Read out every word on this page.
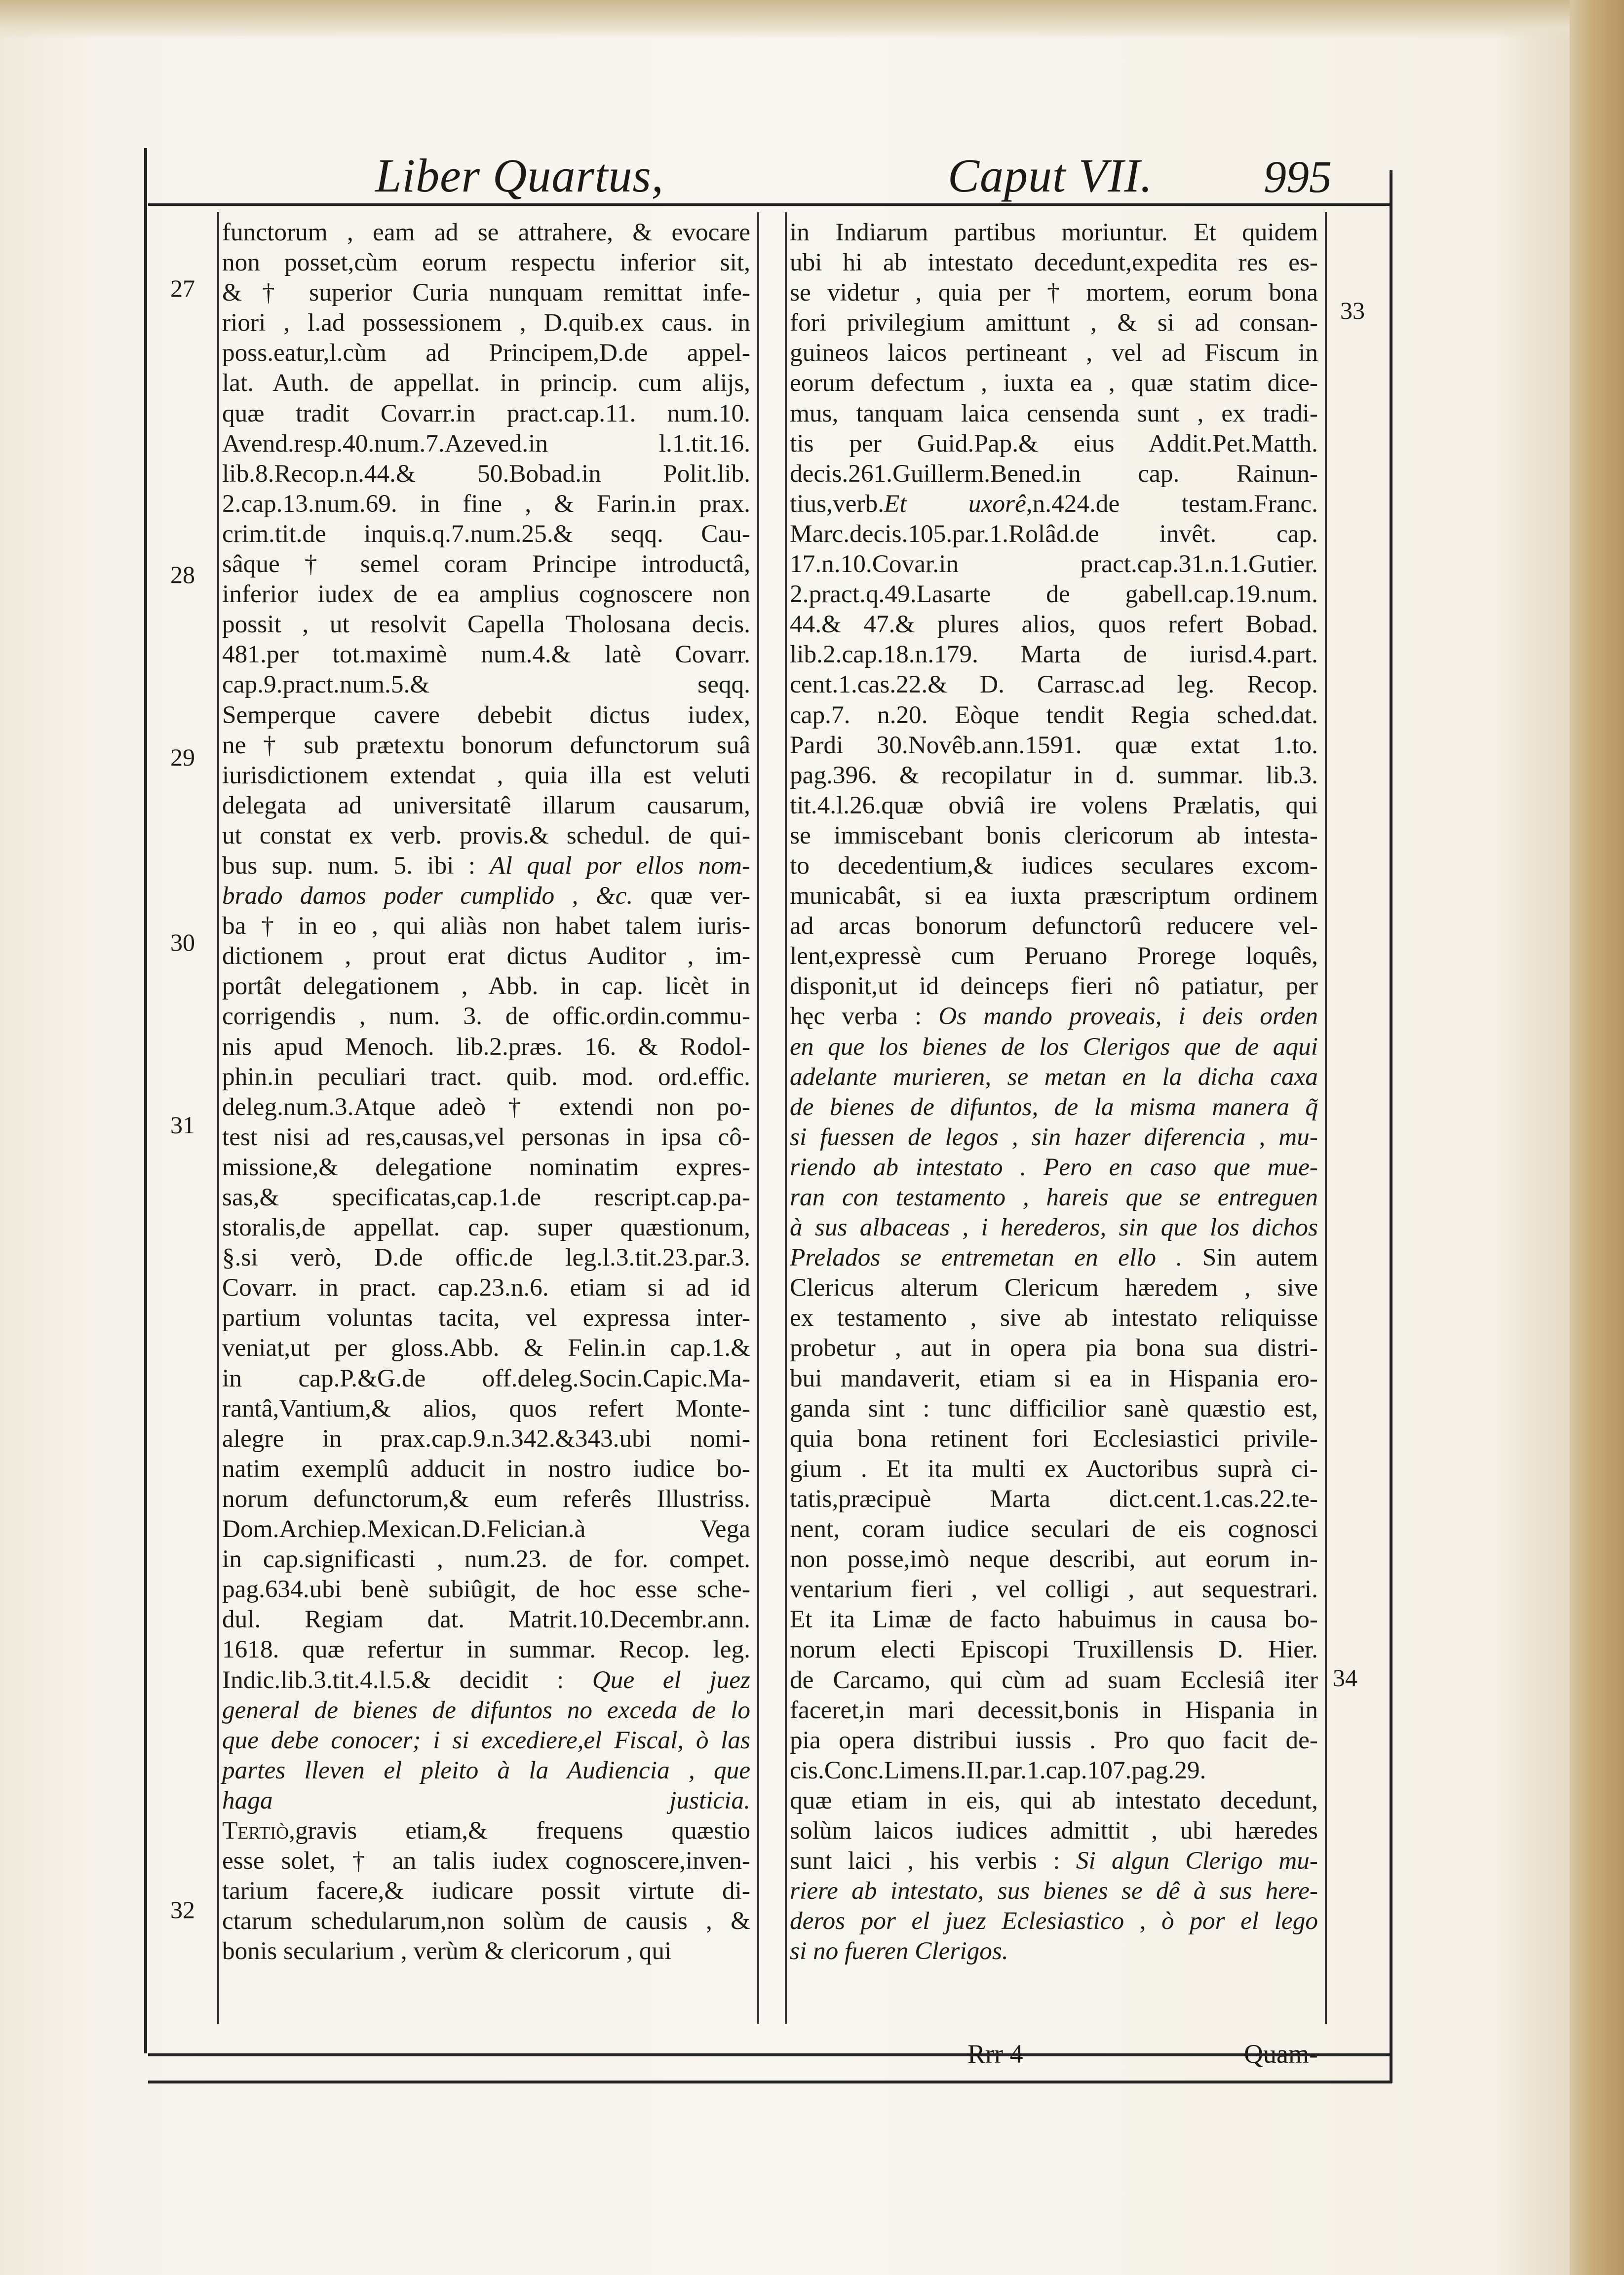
Liber Quartus,	Caput VII. 995
functorum , eam ad se attrahere, & evocare
non posset,cùm eorum respectu inferior sit,
& † superior Curia nunquam remittat infe-
riori , l.ad possessionem , D.quib.ex caus. in
poss.eatur,l.cùm ad Principem,D.de appel-
lat. Auth. de appellat. in princip. cum alijs,
quæ tradit Covarr.in pract.cap.11. num.10.
Avend.resp.40.num.7.Azeved.in l.1.tit.16.
lib.8.Recop.n.44.& 50.Bobad.in Polit.lib.
2.cap.13.num.69. in fine , & Farin.in prax.
crim.tit.de inquis.q.7.num.25.& seqq. Cau-
sâque † semel coram Principe introductâ,
inferior iudex de ea amplius cognoscere non
possit , ut resolvit Capella Tholosana decis.
481.per tot.maximè num.4.& latè Covarr.
cap.9.pract.num.5.& seqq.
Semperque cavere debebit dictus iudex,
ne † sub prætextu bonorum defunctorum suâ
iurisdictionem extendat , quia illa est veluti
delegata ad universitatê illarum causarum,
ut constat ex verb. provis.& schedul. de qui-
bus sup. num. 5. ibi : Al qual por ellos nom-
brado damos poder cumplido , &c. quæ ver-
ba † in eo , qui aliàs non habet talem iuris-
dictionem , prout erat dictus Auditor , im-
portât delegationem , Abb. in cap. licèt in
corrigendis , num. 3. de offic.ordin.commu-
nis apud Menoch. lib.2.præs. 16. & Rodol-
phin.in peculiari tract. quib. mod. ord.effic.
deleg.num.3.Atque adeò † extendi non po-
test nisi ad res,causas,vel personas in ipsa cô-
missione,& delegatione nominatim expres-
sas,& specificatas,cap.1.de rescript.cap.pa-
storalis,de appellat. cap. super quæstionum,
§.si verò, D.de offic.de leg.l.3.tit.23.par.3.
Covarr. in pract. cap.23.n.6. etiam si ad id
partium voluntas tacita, vel expressa inter-
veniat,ut per gloss.Abb. & Felin.in cap.1.&
in cap.P.&G.de off.deleg.Socin.Capic.Ma-
rantâ,Vantium,& alios, quos refert Monte-
alegre in prax.cap.9.n.342.&343.ubi nomi-
natim exemplû adducit in nostro iudice bo-
norum defunctorum,& eum referês Illustriss.
Dom.Archiep.Mexican.D.Felician.à Vega
in cap.significasti , num.23. de for. compet.
pag.634.ubi benè subiûgit, de hoc esse sche-
dul. Regiam dat. Matrit.10.Decembr.ann.
1618. quæ refertur in summar. Recop. leg.
Indic.lib.3.tit.4.l.5.& decidit : Que el juez
general de bienes de difuntos no exceda de lo
que debe conocer; i si excediere,el Fiscal, ò las
partes lleven el pleito à la Audiencia , que
haga justicia.
Tertiò,gravis etiam,& frequens quæstio
esse solet, † an talis iudex cognoscere,inven-
tarium facere,& iudicare possit virtute di-
ctarum schedularum,non solùm de causis , &
bonis secularium , verùm & clericorum , qui
in Indiarum partibus moriuntur. Et quidem
ubi hi ab intestato decedunt,expedita res es-
se videtur , quia per † mortem, eorum bona
fori privilegium amittunt , & si ad consan-
guineos laicos pertineant , vel ad Fiscum in
eorum defectum , iuxta ea , quæ statim dice-
mus, tanquam laica censenda sunt , ex tradi-
tis per Guid.Pap.& eius Addit.Pet.Matth.
decis.261.Guillerm.Bened.in cap. Rainun-
tius,verb.Et uxorê,n.424.de testam.Franc.
Marc.decis.105.par.1.Rolâd.de invêt. cap.
17.n.10.Covar.in pract.cap.31.n.1.Gutier.
2.pract.q.49.Lasarte de gabell.cap.19.num.
44.& 47.& plures alios, quos refert Bobad.
lib.2.cap.18.n.179. Marta de iurisd.4.part.
cent.1.cas.22.& D. Carrasc.ad leg. Recop.
cap.7. n.20. Eòque tendit Regia sched.dat.
Pardi 30.Novêb.ann.1591. quæ extat 1.to.
pag.396. & recopilatur in d. summar. lib.3.
tit.4.l.26.quæ obviâ ire volens Prælatis, qui
se immiscebant bonis clericorum ab intesta-
to decedentium,& iudices seculares excom-
municabât, si ea iuxta præscriptum ordinem
ad arcas bonorum defunctorû reducere vel-
lent,expressè cum Peruano Prorege loquês,
disponit,ut id deinceps fieri nô patiatur, per
hęc verba : Os mando proveais, i deis orden
en que los bienes de los Clerigos que de aqui
adelante murieren, se metan en la dicha caxa
de bienes de difuntos, de la misma manera q̃
si fuessen de legos , sin hazer diferencia , mu-
riendo ab intestato . Pero en caso que mue-
ran con testamento , hareis que se entreguen
à sus albaceas , i herederos, sin que los dichos
Prelados se entremetan en ello . Sin autem
Clericus alterum Clericum hæredem , sive
ex testamento , sive ab intestato reliquisse
probetur , aut in opera pia bona sua distri-
bui mandaverit, etiam si ea in Hispania ero-
ganda sint : tunc difficilior sanè quæstio est,
quia bona retinent fori Ecclesiastici privile-
gium . Et ita multi ex Auctoribus suprà ci-
tatis,præcipuè Marta dict.cent.1.cas.22.te-
nent, coram iudice seculari de eis cognosci
non posse,imò neque describi, aut eorum in-
ventarium fieri , vel colligi , aut sequestrari.
Et ita Limæ de facto habuimus in causa bo-
norum electi Episcopi Truxillensis D. Hier.
de Carcamo, qui cùm ad suam Ecclesiâ iter
faceret,in mari decessit,bonis in Hispania in
pia opera distribui iussis . Pro quo facit de-
cis.Conc.Limens.II.par.1.cap.107.pag.29.
quæ etiam in eis, qui ab intestato decedunt,
solùm laicos iudices admittit , ubi hæredes
sunt laici , his verbis : Si algun Clerigo mu-
riere ab intestato, sus bienes se dê à sus here-
deros por el juez Eclesiastico , ò por el lego
si no fueren Clerigos.
27
28
29
30
31
32
33
34
Rrr 4	Quam-
